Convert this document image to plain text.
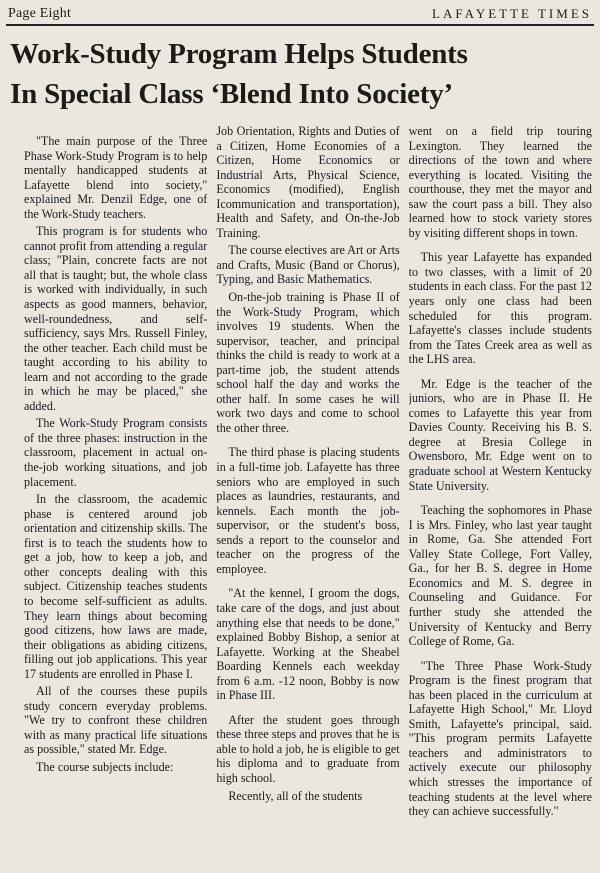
Page Eight	LAFAYETTE TIMES
Work-Study Program Helps Students
In Special Class ‘Blend Into Society’

"The main purpose of the Three Phase Work-Study Program is to help mentally handicapped students at Lafayette blend into society," explained Mr. Denzil Edge, one of the Work-Study teachers.

This program is for students who cannot profit from attending a regular class; "Plain, concrete facts are not all that is taught; but, the whole class is worked with individually, in such aspects as good manners, behavior, well-roundedness, and self-sufficiency, says Mrs. Russell Finley, the other teacher. Each child must be taught according to his ability to learn and not according to the grade in which he may be placed," she added.

The Work-Study Program consists of the three phases: instruction in the classroom, placement in actual on-the-job working situations, and job placement.

In the classroom, the academic phase is centered around job orientation and citizenship skills. The first is to teach the students how to get a job, how to keep a job, and other concepts dealing with this subject. Citizenship teaches students to become self-sufficient as adults. They learn things about becoming good citizens, how laws are made, their obligations as abiding citizens, filling out job applications. This year 17 students are enrolled in Phase I.

All of the courses these pupils study concern everyday problems. "We try to confront these children with as many practical life situations as possible," stated Mr. Edge.

The course subjects include:

Job Orientation, Rights and Duties of a Citizen, Home Economies of a Citizen, Home Economics or Industrial Arts, Physical Science, Economics (modified), English Icommunication and transportation), Health and Safety, and On-the-Job Training.

The course electives are Art or Arts and Crafts, Music (Band or Chorus), Typing, and Basic Mathematics.

On-the-job training is Phase II of the Work-Study Program, which involves 19 students. When the supervisor, teacher, and principal thinks the child is ready to work at a part-time job, the student attends school half the day and works the other half. In some cases he will work two days and come to school the other three.

The third phase is placing students in a full-time job. Lafayette has three seniors who are employed in such places as laundries, restaurants, and kennels. Each month the job-supervisor, or the student's boss, sends a report to the counselor and teacher on the progress of the employee.

"At the kennel, I groom the dogs, take care of the dogs, and just about anything else that needs to be done," explained Bobby Bishop, a senior at Lafayette. Working at the Sheabel Boarding Kennels each weekday from 6 a.m. -12 noon, Bobby is now in Phase III.

After the student goes through these three steps and proves that he is able to hold a job, he is eligible to get his diploma and to graduate from high school.

Recently, all of the students

went on a field trip touring Lexington. They learned the directions of the town and where everything is located. Visiting the courthouse, they met the mayor and saw the court pass a bill. They also learned how to stock variety stores by visiting different shops in town.

This year Lafayette has expanded to two classes, with a limit of 20 students in each class. For the past 12 years only one class had been scheduled for this program. Lafayette's classes include students from the Tates Creek area as well as the LHS area.

Mr. Edge is the teacher of the juniors, who are in Phase II. He comes to Lafayette this year from Davies County. Receiving his B. S. degree at Bresia College in Owensboro, Mr. Edge went on to graduate school at Western Kentucky State University.

Teaching the sophomores in Phase I is Mrs. Finley, who last year taught in Rome, Ga. She attended Fort Valley State College, Fort Valley, Ga., for her B. S. degree in Home Economics and M. S. degree in Counseling and Guidance. For further study she attended the University of Kentucky and Berry College of Rome, Ga.

"The Three Phase Work-Study Program is the finest program that has been placed in the curriculum at Lafayette High School," Mr. Lloyd Smith, Lafayette's principal, said. "This program permits Lafayette teachers and administrators to actively execute our philosophy which stresses the importance of teaching students at the level where they can achieve successfully."
